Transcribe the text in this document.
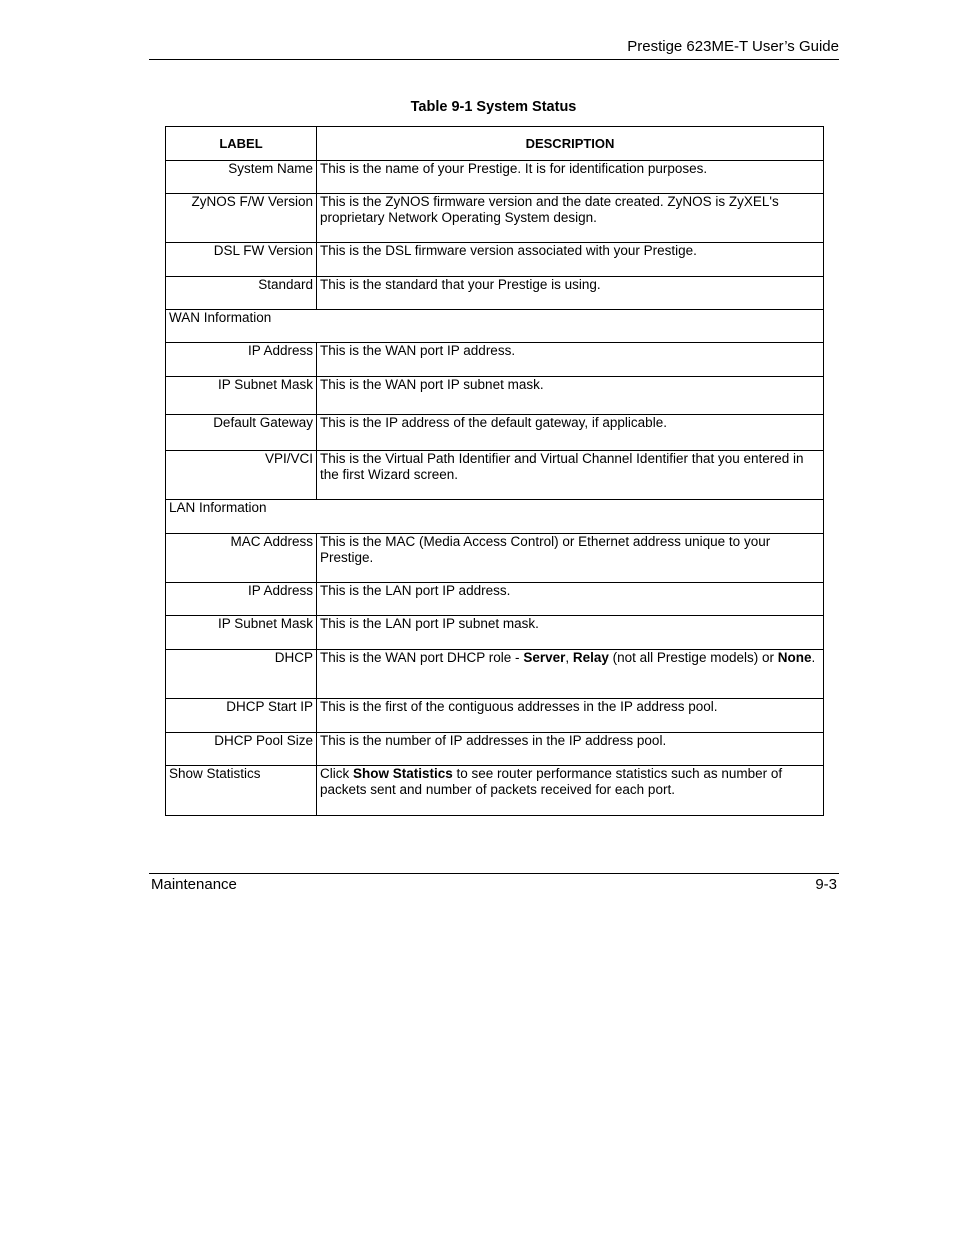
Prestige 623ME-T User’s Guide
Table 9-1 System Status
LABEL	DESCRIPTION
System Name	This is the name of your Prestige. It is for identification purposes.
ZyNOS F/W Version	This is the ZyNOS firmware version and the date created. ZyNOS is ZyXEL's proprietary Network Operating System design.
DSL FW Version	This is the DSL firmware version associated with your Prestige.
Standard	This is the standard that your Prestige is using.
WAN Information	
IP Address	This is the WAN port IP address.
IP Subnet Mask	This is the WAN port IP subnet mask.
Default Gateway	This is the IP address of the default gateway, if applicable.
VPI/VCI	This is the Virtual Path Identifier and Virtual Channel Identifier that you entered in the first Wizard screen.
LAN Information	
MAC Address	This is the MAC (Media Access Control) or Ethernet address unique to your Prestige.
IP Address	This is the LAN port IP address.
IP Subnet Mask	This is the LAN port IP subnet mask.
DHCP	This is the WAN port DHCP role - Server, Relay (not all Prestige models) or None.
DHCP Start IP	This is the first of the contiguous addresses in the IP address pool.
DHCP Pool Size	This is the number of IP addresses in the IP address pool.
Show Statistics	Click Show Statistics to see router performance statistics such as number of packets sent and number of packets received for each port.
Maintenance	9-3
